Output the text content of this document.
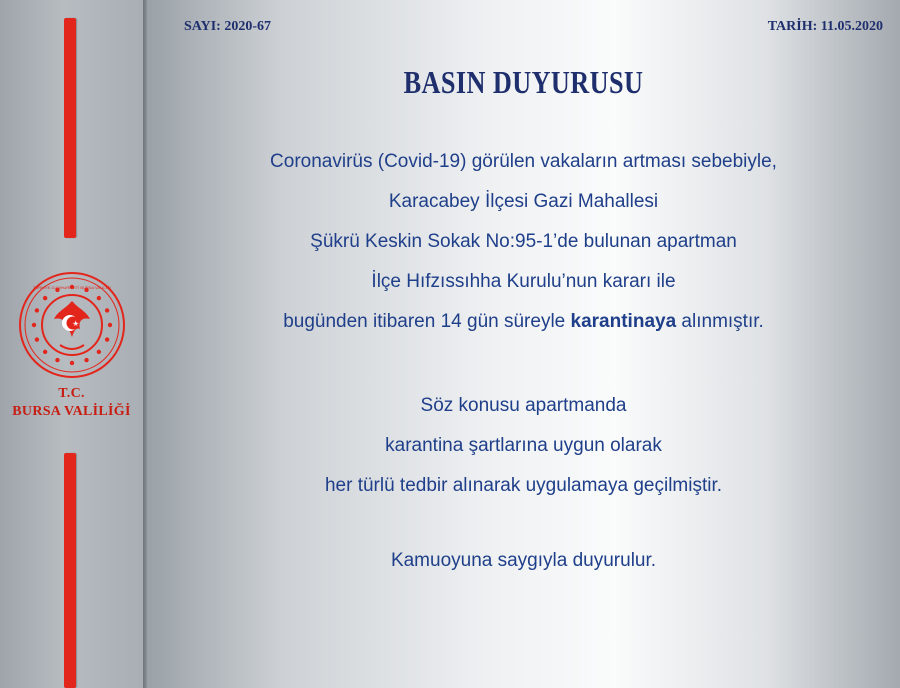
TÜRKİYE CUMHURİYETİ BURSA VALİLİĞİ
T.C.
BURSA VALİLİĞİ
SAYI: 2020-67	TARİH: 11.05.2020
BASIN DUYURUSU
Coronavirüs (Covid-19) görülen vakaların artması sebebiyle,
Karacabey İlçesi Gazi Mahallesi
Şükrü Keskin Sokak No:95-1’de bulunan apartman
İlçe Hıfzıssıhha Kurulu’nun kararı ile
bugünden itibaren 14 gün süreyle karantinaya alınmıştır.
Söz konusu apartmanda
karantina şartlarına uygun olarak
her türlü tedbir alınarak uygulamaya geçilmiştir.
Kamuoyuna saygıyla duyurulur.
